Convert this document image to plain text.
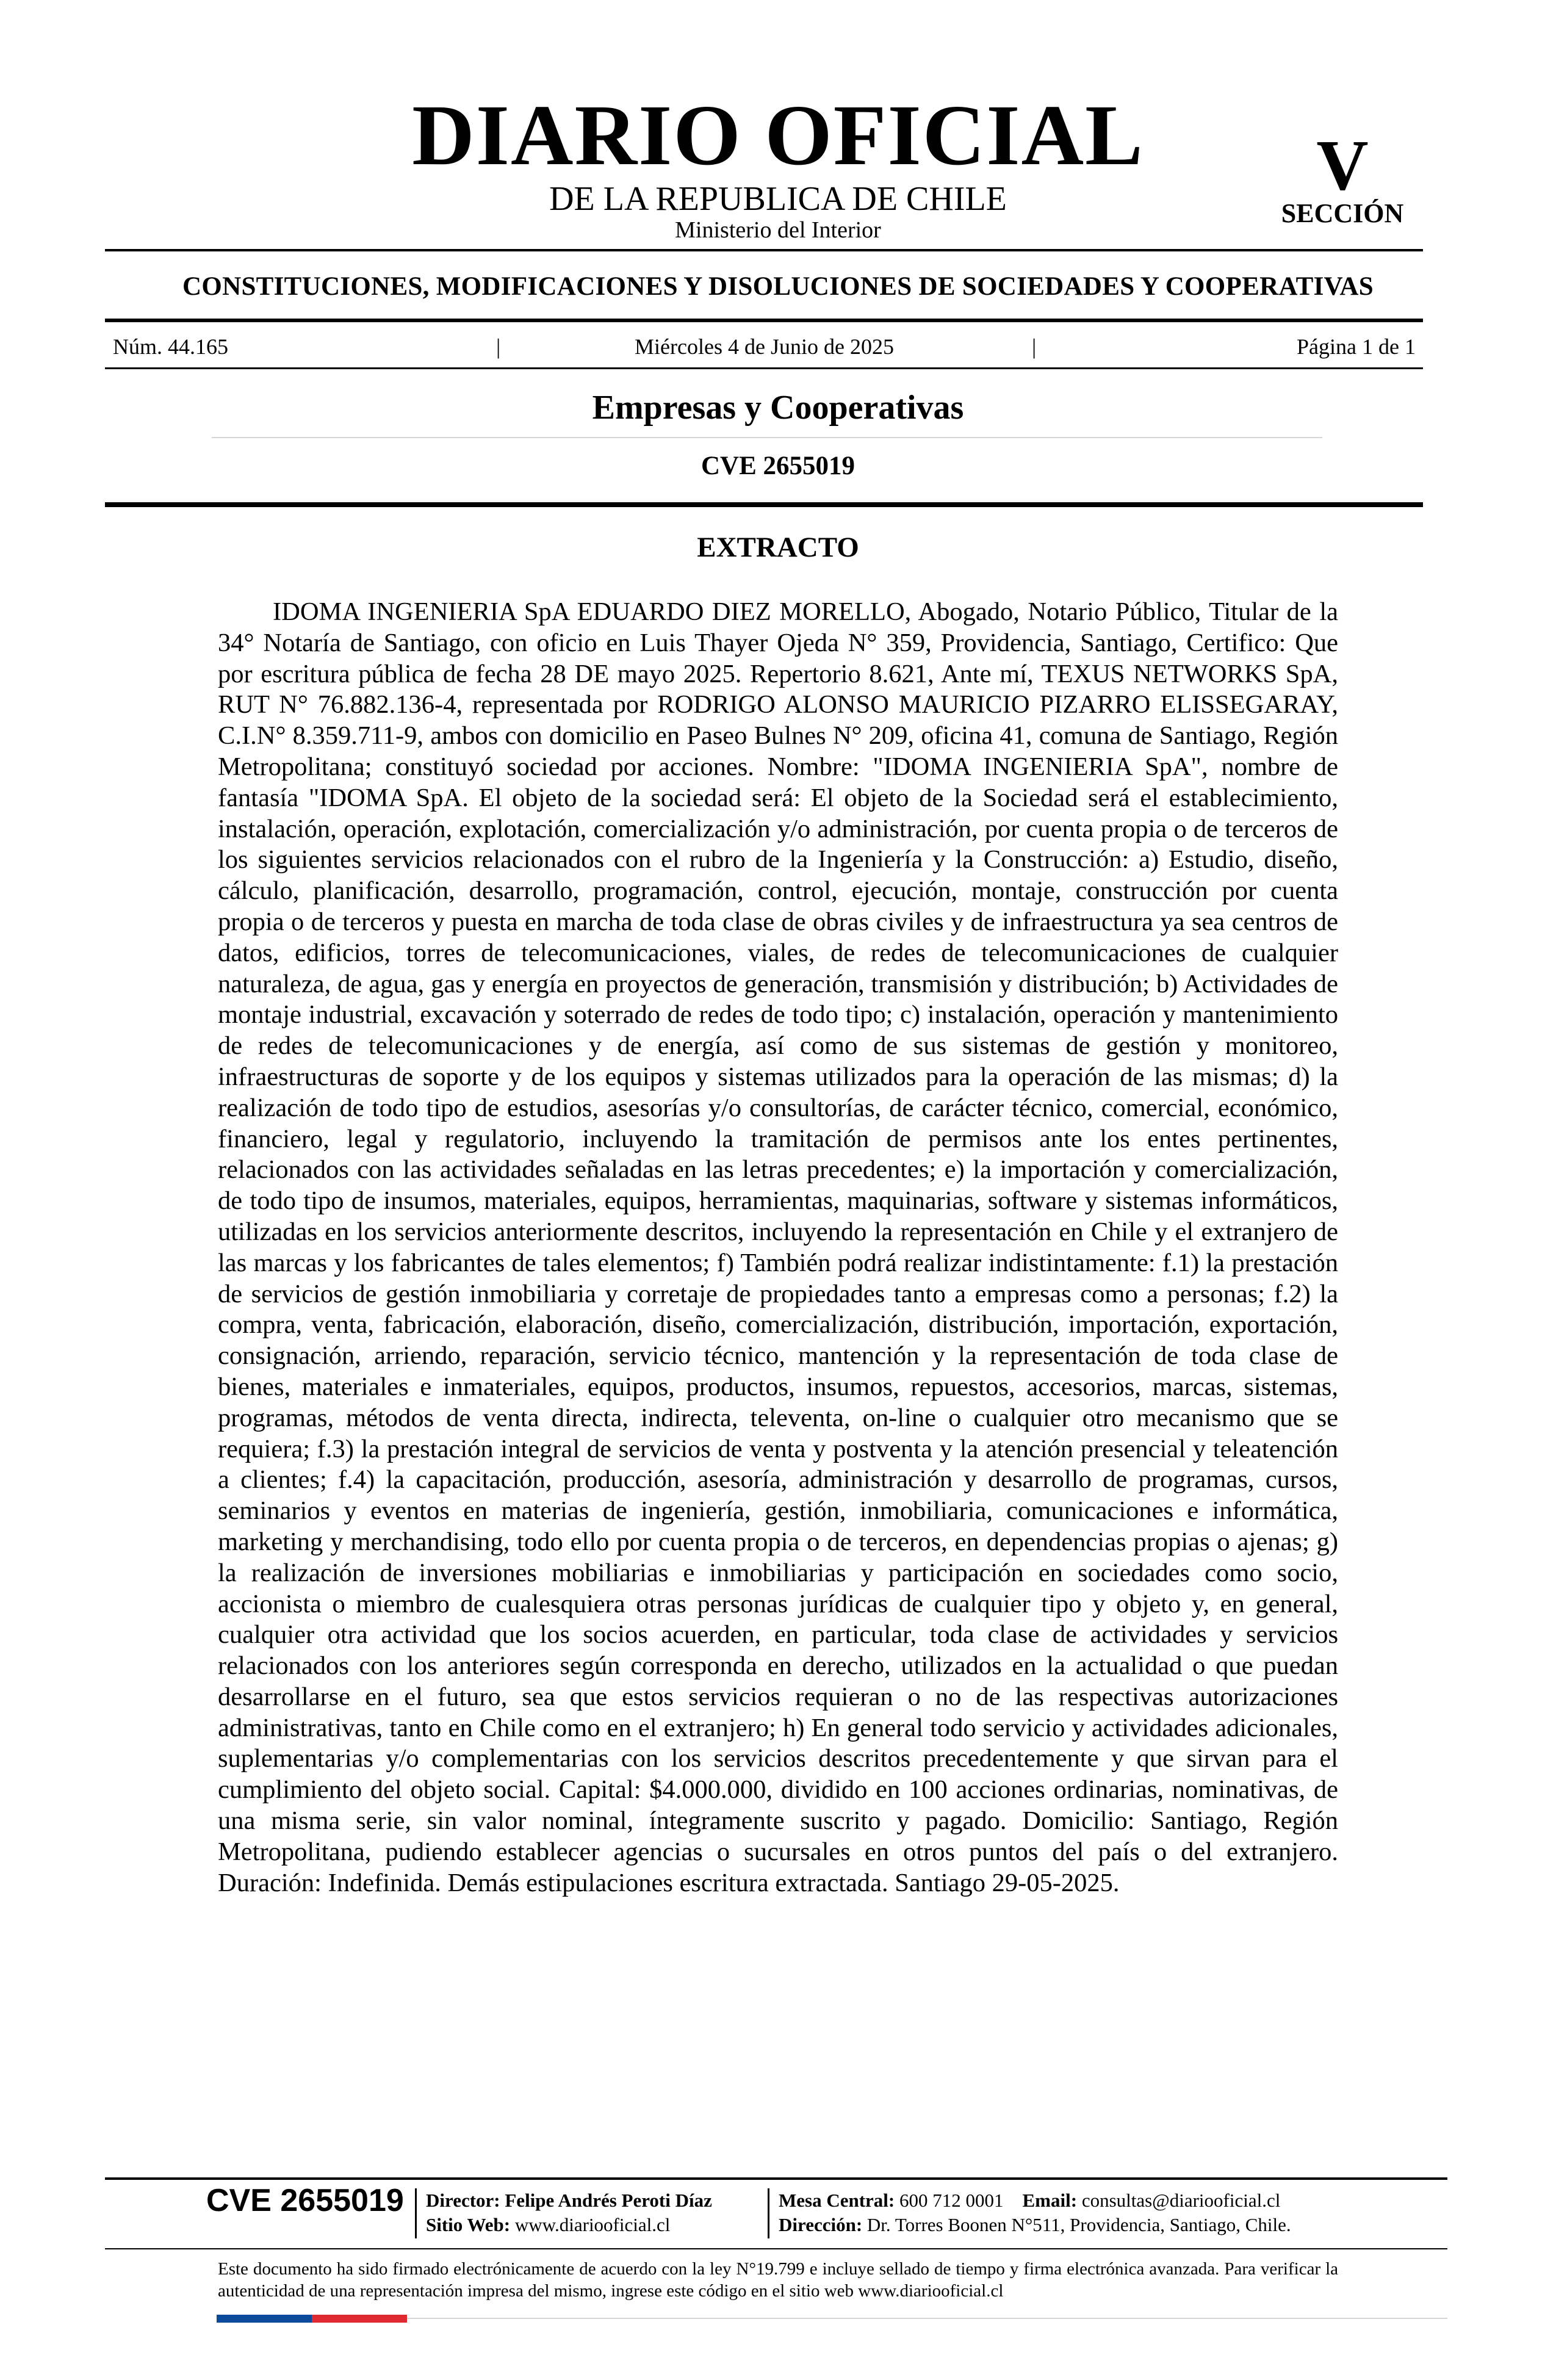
DIARIO OFICIAL
DE LA REPUBLICA DE CHILE
Ministerio del Interior
V
SECCIÓN
CONSTITUCIONES, MODIFICACIONES Y DISOLUCIONES DE SOCIEDADES Y COOPERATIVAS
Núm. 44.165	|	Miércoles 4 de Junio de 2025	|	Página 1 de 1
Empresas y Cooperativas
CVE 2655019
EXTRACTO

IDOMA INGENIERIA SpA EDUARDO DIEZ MORELLO, Abogado, Notario Público, Titular de la 34° Notaría de Santiago, con oficio en Luis Thayer Ojeda N° 359, Providencia, Santiago, Certifico: Que por escritura pública de fecha 28 DE mayo 2025. Repertorio 8.621, Ante mí, TEXUS NETWORKS SpA, RUT N° 76.882.136-4, representada por RODRIGO ALONSO MAURICIO PIZARRO ELISSEGARAY, C.I.N° 8.359.711-9, ambos con domicilio en Paseo Bulnes N° 209, oficina 41, comuna de Santiago, Región Metropolitana; constituyó sociedad por acciones. Nombre: "IDOMA INGENIERIA SpA", nombre de fantasía "IDOMA SpA. El objeto de la sociedad será: El objeto de la Sociedad será el establecimiento, instalación, operación, explotación, comercialización y/o administración, por cuenta propia o de terceros de los siguientes servicios relacionados con el rubro de la Ingeniería y la Construcción: a) Estudio, diseño, cálculo, planificación, desarrollo, programación, control, ejecución, montaje, construcción por cuenta propia o de terceros y puesta en marcha de toda clase de obras civiles y de infraestructura ya sea centros de datos, edificios, torres de telecomunicaciones, viales, de redes de telecomunicaciones de cualquier naturaleza, de agua, gas y energía en proyectos de generación, transmisión y distribución; b) Actividades de montaje industrial, excavación y soterrado de redes de todo tipo; c) instalación, operación y mantenimiento de redes de telecomunicaciones y de energía, así como de sus sistemas de gestión y monitoreo, infraestructuras de soporte y de los equipos y sistemas utilizados para la operación de las mismas; d) la realización de todo tipo de estudios, asesorías y/o consultorías, de carácter técnico, comercial, económico, financiero, legal y regulatorio, incluyendo la tramitación de permisos ante los entes pertinentes, relacionados con las actividades señaladas en las letras precedentes; e) la importación y comercialización, de todo tipo de insumos, materiales, equipos, herramientas, maquinarias, software y sistemas informáticos, utilizadas en los servicios anteriormente descritos, incluyendo la representación en Chile y el extranjero de las marcas y los fabricantes de tales elementos; f) También podrá realizar indistintamente: f.1) la prestación de servicios de gestión inmobiliaria y corretaje de propiedades tanto a empresas como a personas; f.2) la compra, venta, fabricación, elaboración, diseño, comercialización, distribución, importación, exportación, consignación, arriendo, reparación, servicio técnico, mantención y la representación de toda clase de bienes, materiales e inmateriales, equipos, productos, insumos, repuestos, accesorios, marcas, sistemas, programas, métodos de venta directa, indirecta, televenta, on-line o cualquier otro mecanismo que se requiera; f.3) la prestación integral de servicios de venta y postventa y la atención presencial y teleatención a clientes; f.4) la capacitación, producción, asesoría, administración y desarrollo de programas, cursos, seminarios y eventos en materias de ingeniería, gestión, inmobiliaria, comunicaciones e informática, marketing y merchandising, todo ello por cuenta propia o de terceros, en dependencias propias o ajenas; g) la realización de inversiones mobiliarias e inmobiliarias y participación en sociedades como socio, accionista o miembro de cualesquiera otras personas jurídicas de cualquier tipo y objeto y, en general, cualquier otra actividad que los socios acuerden, en particular, toda clase de actividades y servicios relacionados con los anteriores según corresponda en derecho, utilizados en la actualidad o que puedan desarrollarse en el futuro, sea que estos servicios requieran o no de las respectivas autorizaciones administrativas, tanto en Chile como en el extranjero; h) En general todo servicio y actividades adicionales, suplementarias y/o complementarias con los servicios descritos precedentemente y que sirvan para el cumplimiento del objeto social. Capital: $4.000.000, dividido en 100 acciones ordinarias, nominativas, de una misma serie, sin valor nominal, íntegramente suscrito y pagado. Domicilio: Santiago, Región Metropolitana, pudiendo establecer agencias o sucursales en otros puntos del país o del extranjero. Duración: Indefinida. Demás estipulaciones escritura extractada. Santiago 29-05-2025.

CVE 2655019 Director: Felipe Andrés Peroti Díaz
Sitio Web: www.diariooficial.cl
Mesa Central: 600 712 0001 Email: consultas@diariooficial.cl
Dirección: Dr. Torres Boonen N°511, Providencia, Santiago, Chile.

Este documento ha sido firmado electrónicamente de acuerdo con la ley N°19.799 e incluye sellado de tiempo y firma electrónica avanzada. Para verificar la autenticidad de una representación impresa del mismo, ingrese este código en el sitio web www.diariooficial.cl
